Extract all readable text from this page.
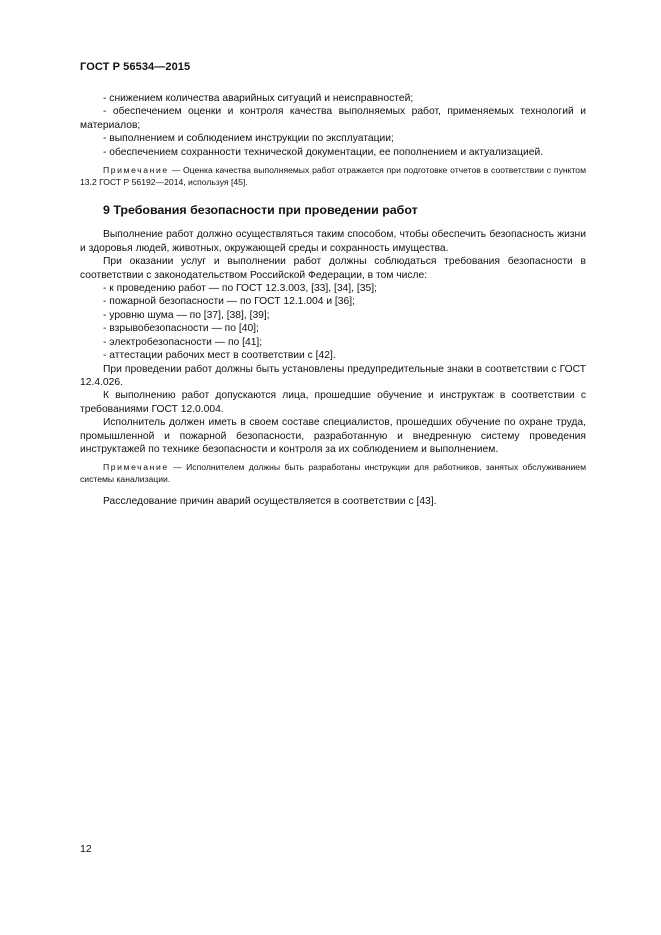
ГОСТ Р 56534—2015

- снижением количества аварийных ситуаций и неисправностей;

- обеспечением оценки и контроля качества выполняемых работ, применяемых технологий и материалов;

- выполнением и соблюдением инструкции по эксплуатации;

- обеспечением сохранности технической документации, ее пополнением и актуализацией.

Примечание — Оценка качества выполняемых работ отражается при подготовке отчетов в соответствии с пунктом 13.2 ГОСТ Р 56192—2014, используя [45].

9 Требования безопасности при проведении работ

Выполнение работ должно осуществляться таким способом, чтобы обеспечить безопасность жизни и здоровья людей, животных, окружающей среды и сохранность имущества.

При оказании услуг и выполнении работ должны соблюдаться требования безопасности в соответствии с законодательством Российской Федерации, в том числе:

- к проведению работ — по ГОСТ 12.3.003, [33], [34], [35];

- пожарной безопасности — по ГОСТ 12.1.004 и [36];

- уровню шума — по [37], [38], [39];

- взрывобезопасности — по [40];

- электробезопасности — по [41];

- аттестации рабочих мест в соответствии с [42].

При проведении работ должны быть установлены предупредительные знаки в соответствии с ГОСТ 12.4.026.

К выполнению работ допускаются лица, прошедшие обучение и инструктаж в соответствии с требованиями ГОСТ 12.0.004.

Исполнитель должен иметь в своем составе специалистов, прошедших обучение по охране труда, промышленной и пожарной безопасности, разработанную и внедренную систему проведения инструктажей по технике безопасности и контроля за их соблюдением и выполнением.

Примечание — Исполнителем должны быть разработаны инструкции для работников, занятых обслуживанием системы канализации.

Расследование причин аварий осуществляется в соответствии с [43].

12
